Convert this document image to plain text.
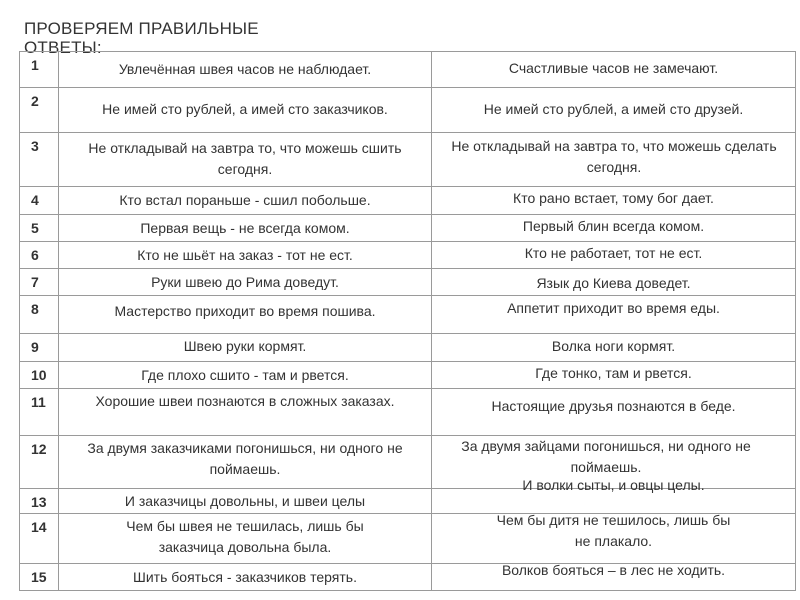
ПРОВЕРЯЕМ ПРАВИЛЬНЫЕ ОТВЕТЫ:
1	Увлечённая швея часов не наблюдает.	Счастливые часов не замечают.

2	Не имей сто рублей, а имей сто заказчиков.	Не имей сто рублей, а имей сто друзей.

3	Не откладывай на завтра то, что можешь сшить сегодня.	Не откладывай на завтра то, что можешь сделать сегодня.

4	Кто встал пораньше - сшил побольше.	Кто рано встает, тому бог дает.

5	Первая вещь - не всегда комом.	Первый блин всегда комом.

6	Кто не шьёт на заказ - тот не ест.	Кто не работает, тот не ест.

7	Руки швею до Рима доведут.	Язык до Киева доведет.

8	Мастерство приходит во время пошива.	Аппетит приходит во время еды.

9	Швею руки кормят.	Волка ноги кормят.

10	Где плохо сшито - там и рвется.	Где тонко, там и рвется.

11	Хорошие швеи познаются в сложных заказах.	Настоящие друзья познаются в беде.

12	За двумя заказчиками погонишься, ни одного не поймаешь.	За двумя зайцами погонишься, ни одного не поймаешь.

13	И заказчицы довольны, и швеи целы	И волки сыты, и овцы целы.

14	Чем бы швея не тешилась, лишь бы заказчица довольна была.	Чем бы дитя не тешилось, лишь бы не плакало.

15	Шить бояться - заказчиков терять.	Волков бояться – в лес не ходить.
